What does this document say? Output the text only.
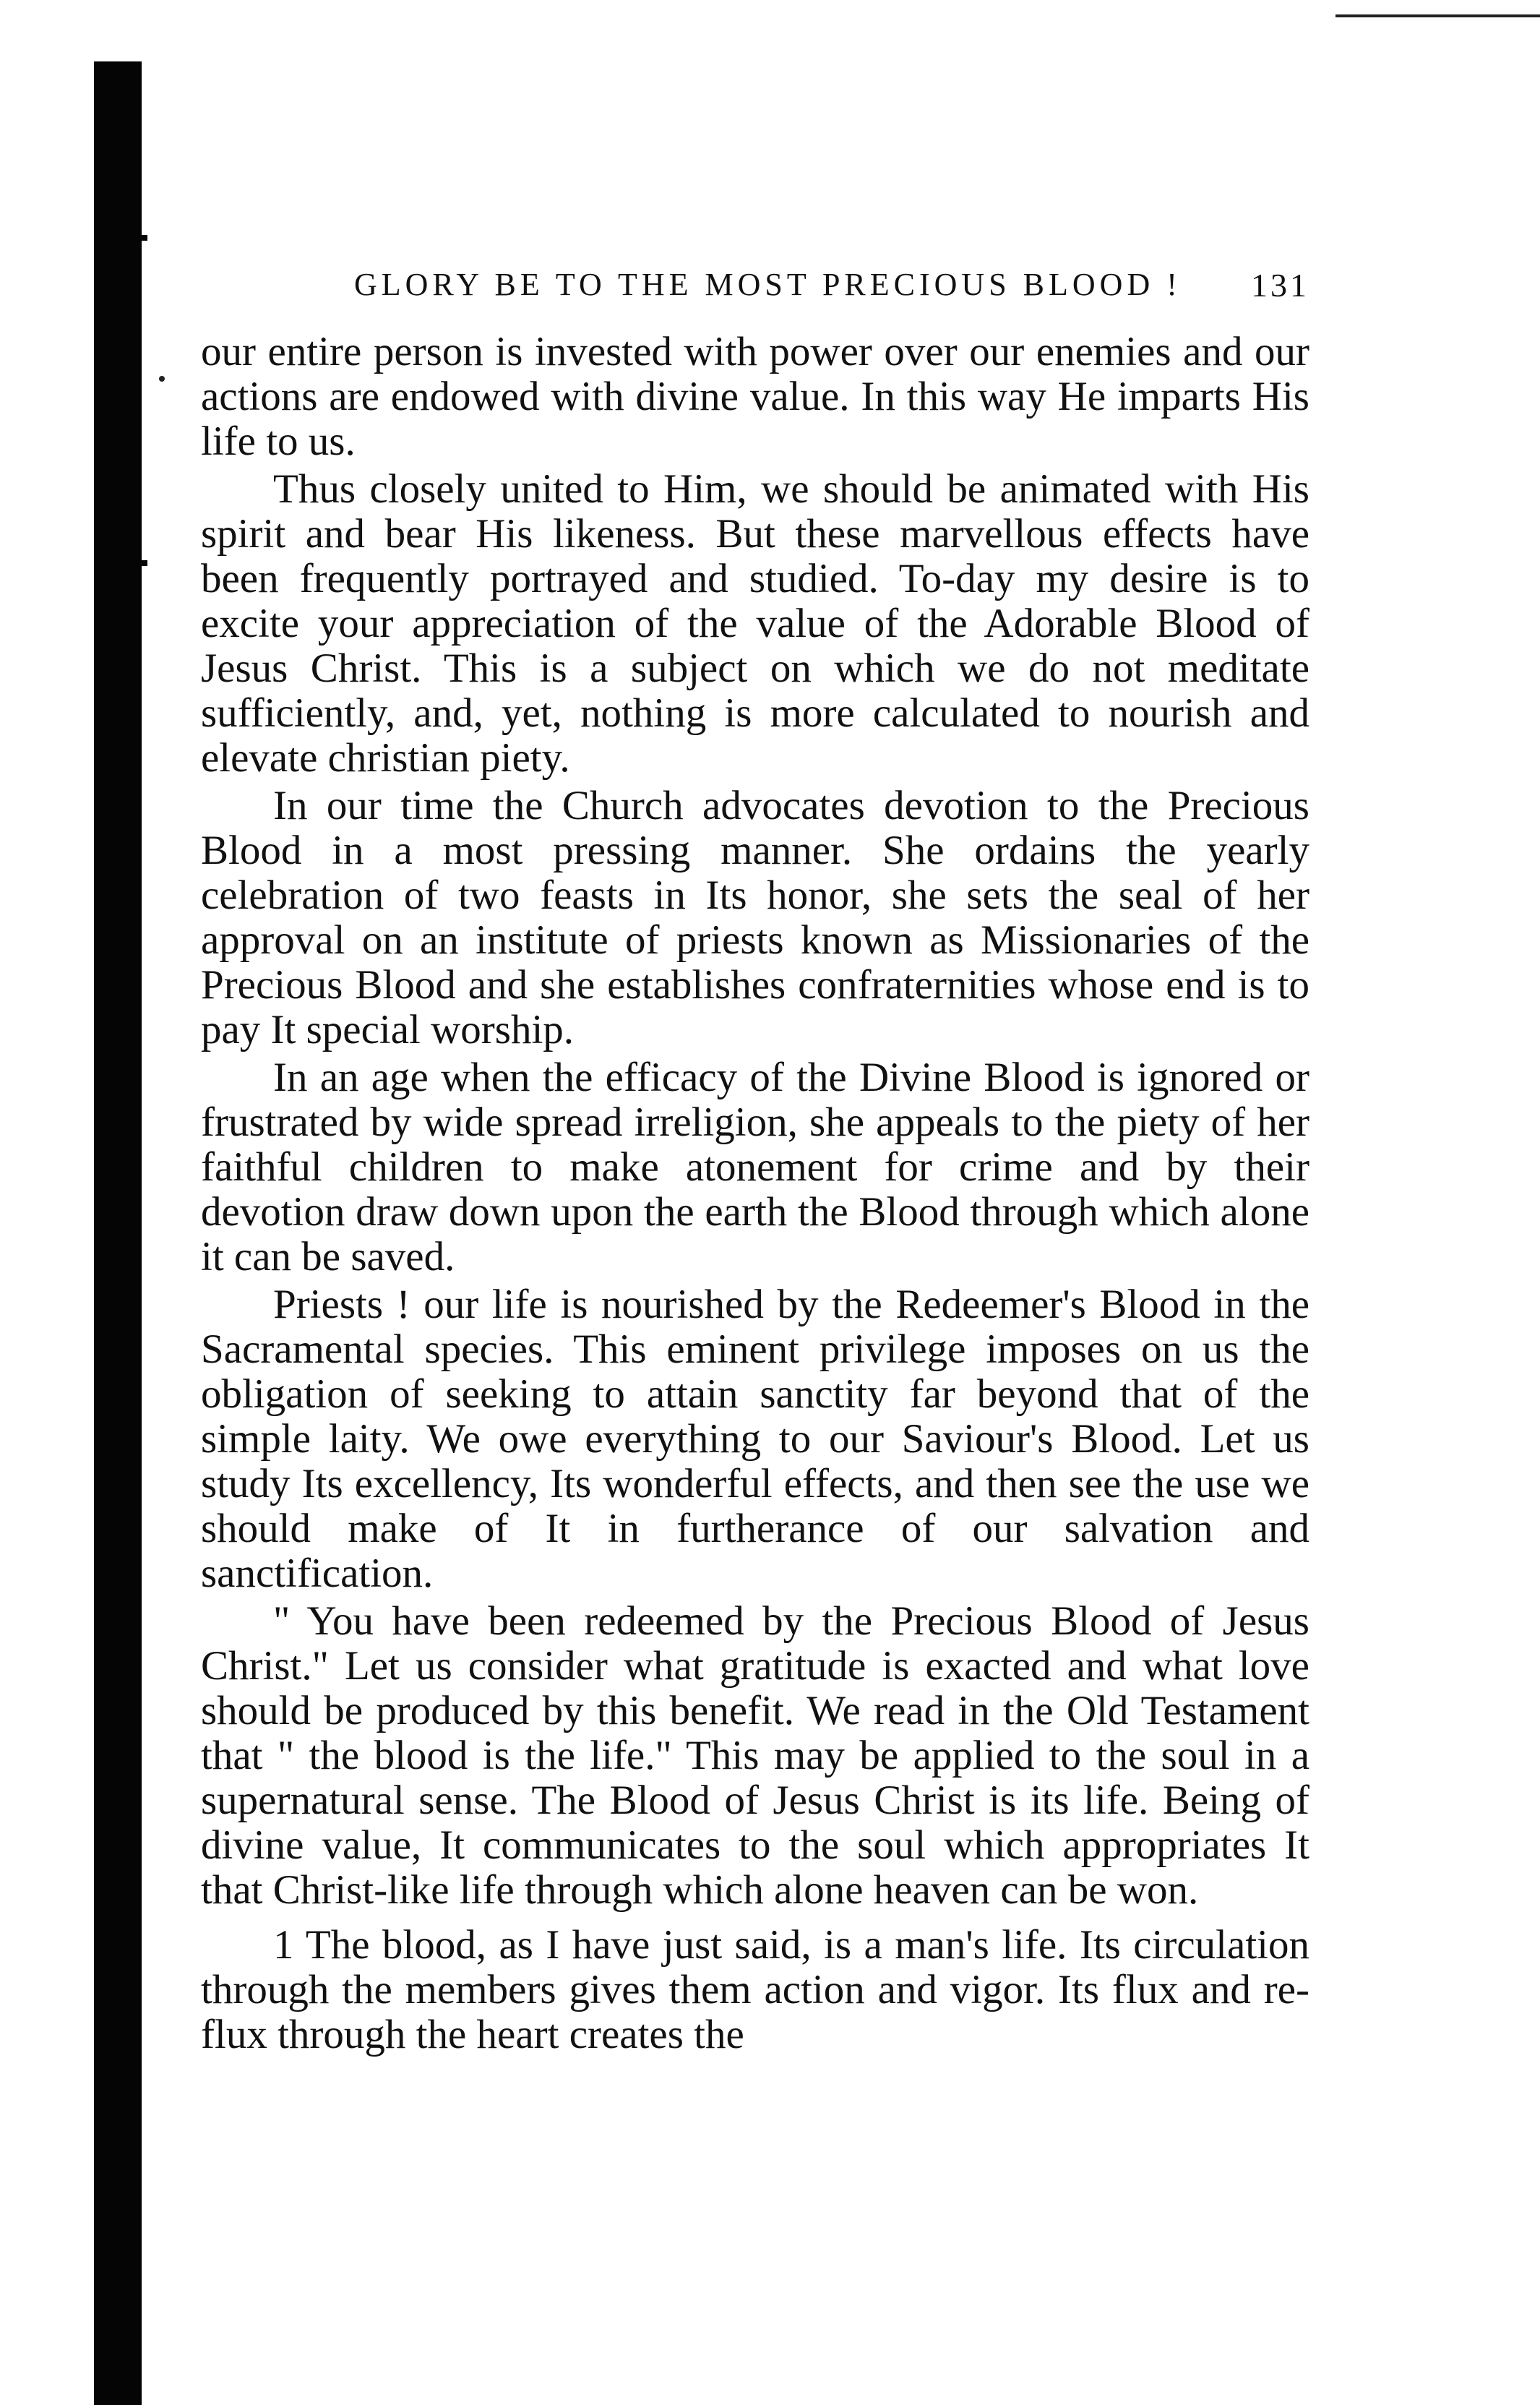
GLORY BE TO THE MOST PRECIOUS BLOOD ! 131

our entire person is invested with power over our enemies and our actions are endowed with divine value. In this way He imparts His life to us.

Thus closely united to Him, we should be animated with His spirit and bear His likeness. But these marvellous effects have been frequently portrayed and studied. To-day my desire is to excite your appreciation of the value of the Adorable Blood of Jesus Christ. This is a subject on which we do not meditate sufficiently, and, yet, nothing is more calculated to nourish and elevate christian piety.

In our time the Church advocates devotion to the Precious Blood in a most pressing manner. She ordains the yearly celebration of two feasts in Its honor, she sets the seal of her approval on an institute of priests known as Missionaries of the Precious Blood and she establishes confraternities whose end is to pay It special worship.

In an age when the efficacy of the Divine Blood is ignored or frustrated by wide spread irreligion, she appeals to the piety of her faithful children to make atonement for crime and by their devotion draw down upon the earth the Blood through which alone it can be saved.

Priests ! our life is nourished by the Redeemer's Blood in the Sacramental species. This eminent privilege imposes on us the obligation of seeking to attain sanctity far beyond that of the simple laity. We owe everything to our Saviour's Blood. Let us study Its excellency, Its wonderful effects, and then see the use we should make of It in furtherance of our salvation and sanctification.

" You have been redeemed by the Precious Blood of Jesus Christ." Let us consider what gratitude is exacted and what love should be produced by this benefit. We read in the Old Testament that " the blood is the life." This may be applied to the soul in a supernatural sense. The Blood of Jesus Christ is its life. Being of divine value, It communicates to the soul which appropriates It that Christ-like life through which alone heaven can be won.

1 The blood, as I have just said, is a man's life. Its circulation through the members gives them action and vigor. Its flux and re-flux through the heart creates the
